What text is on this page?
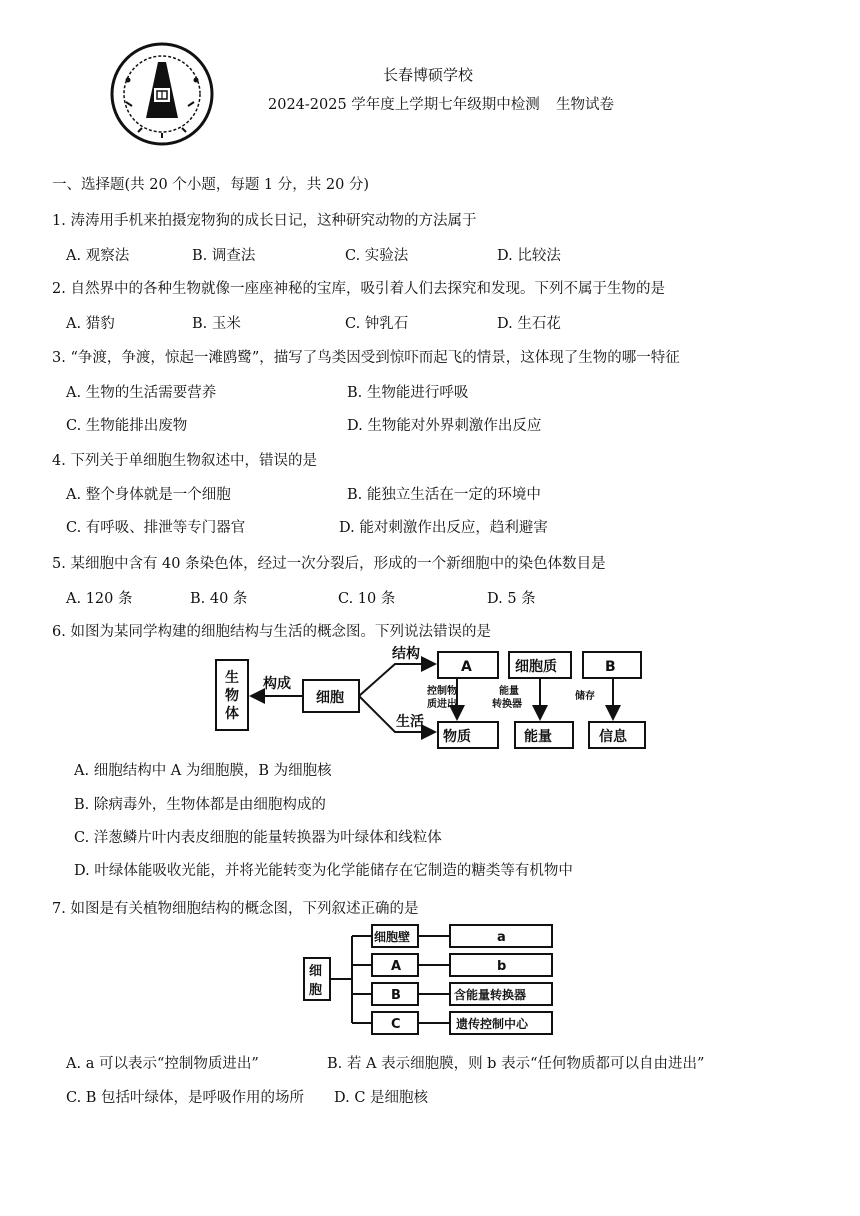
长春博硕学校
2024-2025 学年度上学期七年级期中检测 生物试卷
一、选择题(共 20 个小题，每题 1 分，共 20 分)
1. 涛涛用手机来拍摄宠物狗的成长日记，这种研究动物的方法属于
A. 观察法	B. 调查法	C. 实验法	D. 比较法
2. 自然界中的各种生物就像一座座神秘的宝库，吸引着人们去探究和发现。下列不属于生物的是
A. 猎豹	B. 玉米	C. 钟乳石	D. 生石花
3. “争渡，争渡，惊起一滩鸥鹭”，描写了鸟类因受到惊吓而起飞的情景，这体现了生物的哪一特征
A. 生物的生活需要营养	B. 生物能进行呼吸
C. 生物能排出废物	D. 生物能对外界刺激作出反应
4. 下列关于单细胞生物叙述中，错误的是
A. 整个身体就是一个细胞	B. 能独立生活在一定的环境中
C. 有呼吸、排泄等专门器官	D. 能对刺激作出反应，趋利避害
5. 某细胞中含有 40 条染色体，经过一次分裂后，形成的一个新细胞中的染色体数目是
A. 120 条	B. 40 条	C. 10 条	D. 5 条
6. 如图为某同学构建的细胞结构与生活的概念图。下列说法错误的是
生
物
体
构成
细胞
结构
生活
A	细胞质	B
物质	能量	信息
控制物
质进出
能量
转换器
储存
A. 细胞结构中 A 为细胞膜，B 为细胞核
B. 除病毒外，生物体都是由细胞构成的
C. 洋葱鳞片叶内表皮细胞的能量转换器为叶绿体和线粒体
D. 叶绿体能吸收光能，并将光能转变为化学能储存在它制造的糖类等有机物中
7. 如图是有关植物细胞结构的概念图，下列叙述正确的是
细
胞
细胞壁
A
B
C
a
b
含能量转换器
遗传控制中心
A. a 可以表示“控制物质进出”	B. 若 A 表示细胞膜，则 b 表示“任何物质都可以自由进出”
C. B 包括叶绿体，是呼吸作用的场所 D. C 是细胞核
